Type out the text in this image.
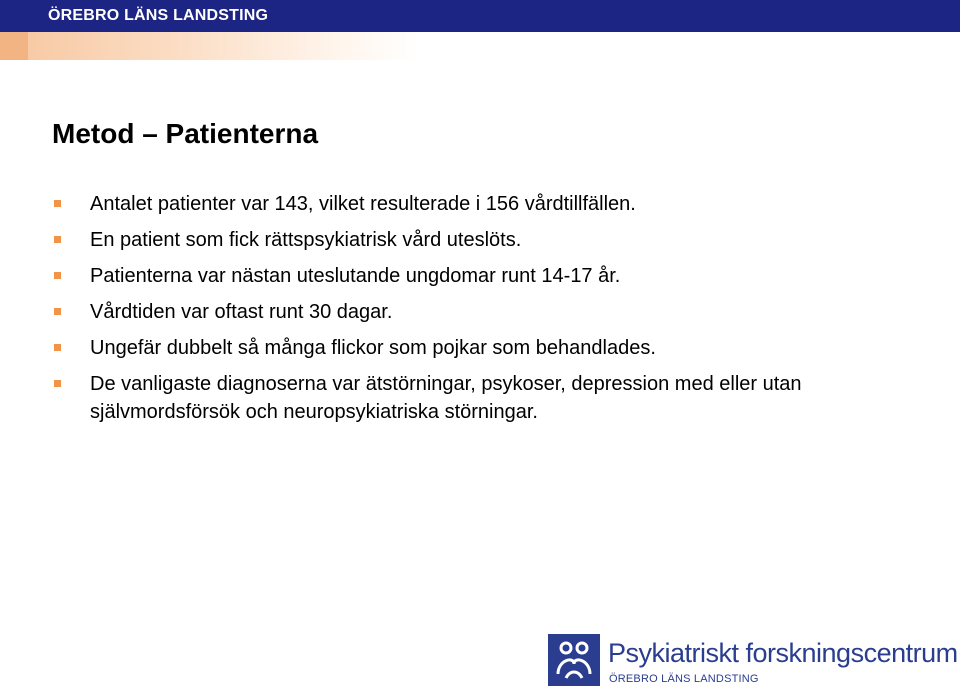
ÖREBRO LÄNS LANDSTING
Metod – Patienterna
Antalet patienter var 143, vilket resulterade i 156 vårdtillfällen.
En patient som fick rättspsykiatrisk vård uteslöts.
Patienterna var nästan uteslutande ungdomar runt 14-17 år.
Vårdtiden var oftast runt 30 dagar.
Ungefär dubbelt så många flickor som pojkar som behandlades.
De vanligaste diagnoserna var ätstörningar, psykoser, depression med eller utan självmordsförsök och neuropsykiatriska störningar.
Psykiatriskt forskningscentrum
ÖREBRO LÄNS LANDSTING
